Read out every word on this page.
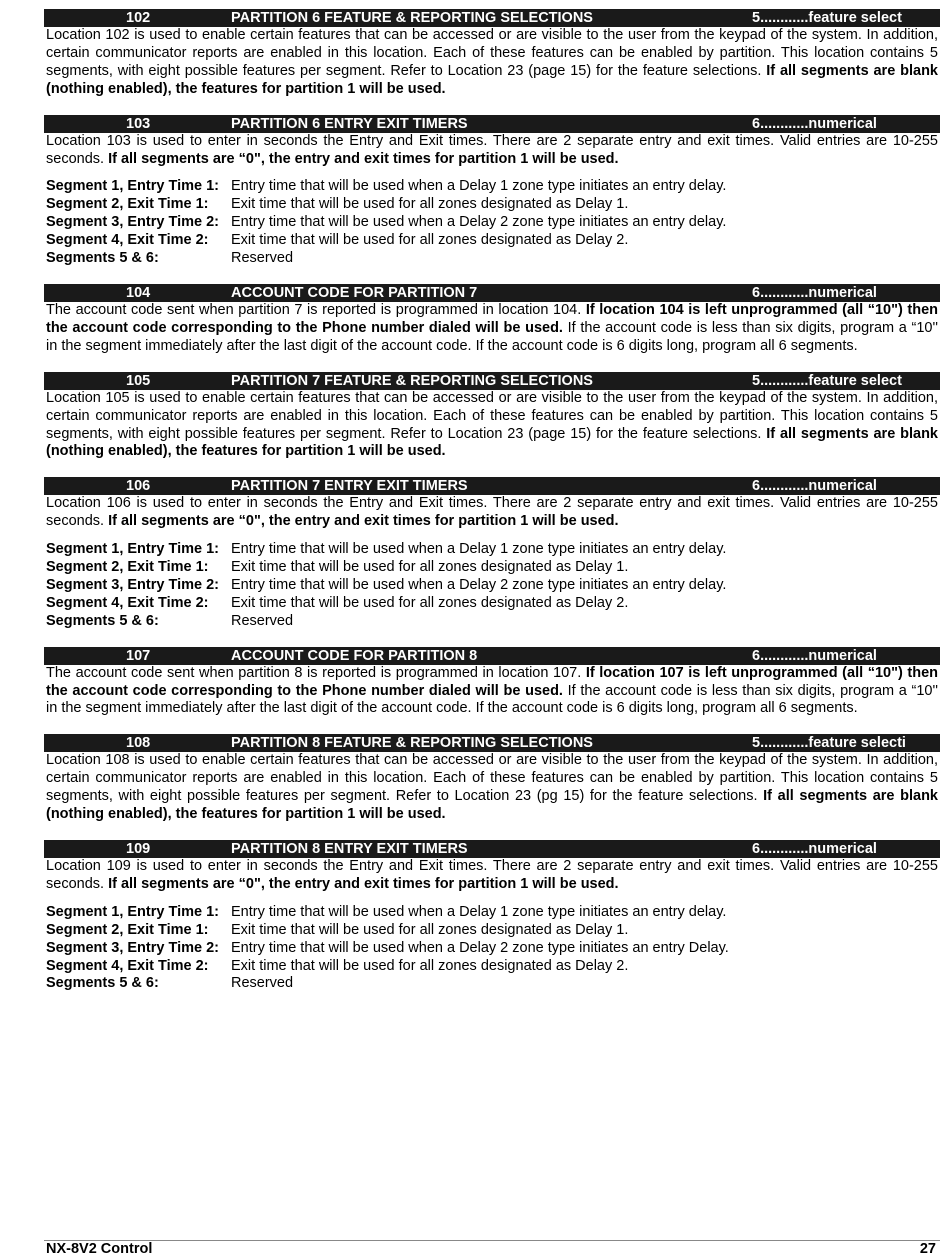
102	PARTITION 6 FEATURE & REPORTING SELECTIONS	5............feature select
Location 102 is used to enable certain features that can be accessed or are visible to the user from the keypad of the system. In addition, certain communicator reports are enabled in this location. Each of these features can be enabled by partition. This location contains 5 segments, with eight possible features per segment. Refer to Location 23 (page 15) for the feature selections. If all segments are blank (nothing enabled), the features for partition 1 will be used.
103	PARTITION 6 ENTRY EXIT TIMERS	6............numerical
Location 103 is used to enter in seconds the Entry and Exit times. There are 2 separate entry and exit times. Valid entries are 10-255 seconds. If all segments are “0", the entry and exit times for partition 1 will be used.
Segment 1, Entry Time 1: Entry time that will be used when a Delay 1 zone type initiates an entry delay.
Segment 2, Exit Time 1:	Exit time that will be used for all zones designated as Delay 1.
Segment 3, Entry Time 2: Entry time that will be used when a Delay 2 zone type initiates an entry delay.
Segment 4, Exit Time 2:	Exit time that will be used for all zones designated as Delay 2.
Segments 5 & 6:	Reserved
104	ACCOUNT CODE FOR PARTITION 7	6............numerical
The account code sent when partition 7 is reported is programmed in location 104. If location 104 is left unprogrammed (all “10") then the account code corresponding to the Phone number dialed will be used. If the account code is less than six digits, program a “10'' in the segment immediately after the last digit of the account code. If the account code is 6 digits long, program all 6 segments.
105	PARTITION 7 FEATURE & REPORTING SELECTIONS	5............feature select
Location 105 is used to enable certain features that can be accessed or are visible to the user from the keypad of the system. In addition, certain communicator reports are enabled in this location. Each of these features can be enabled by partition. This location contains 5 segments, with eight possible features per segment. Refer to Location 23 (page 15) for the feature selections. If all segments are blank (nothing enabled), the features for partition 1 will be used.
106	PARTITION 7 ENTRY EXIT TIMERS	6............numerical
Location 106 is used to enter in seconds the Entry and Exit times. There are 2 separate entry and exit times. Valid entries are 10-255 seconds. If all segments are “0", the entry and exit times for partition 1 will be used.
Segment 1, Entry Time 1: Entry time that will be used when a Delay 1 zone type initiates an entry delay.
Segment 2, Exit Time 1:	Exit time that will be used for all zones designated as Delay 1.
Segment 3, Entry Time 2: Entry time that will be used when a Delay 2 zone type initiates an entry delay.
Segment 4, Exit Time 2:	Exit time that will be used for all zones designated as Delay 2.
Segments 5 & 6:	Reserved
107	ACCOUNT CODE FOR PARTITION 8	6............numerical
The account code sent when partition 8 is reported is programmed in location 107. If location 107 is left unprogrammed (all “10") then the account code corresponding to the Phone number dialed will be used. If the account code is less than six digits, program a “10'' in the segment immediately after the last digit of the account code. If the account code is 6 digits long, program all 6 segments.
108	PARTITION 8 FEATURE & REPORTING SELECTIONS	5............feature selecti
Location 108 is used to enable certain features that can be accessed or are visible to the user from the keypad of the system. In addition, certain communicator reports are enabled in this location. Each of these features can be enabled by partition. This location contains 5 segments, with eight possible features per segment. Refer to Location 23 (pg 15) for the feature selections. If all segments are blank (nothing enabled), the features for partition 1 will be used.
109	PARTITION 8 ENTRY EXIT TIMERS	6............numerical
Location 109 is used to enter in seconds the Entry and Exit times. There are 2 separate entry and exit times. Valid entries are 10-255 seconds. If all segments are “0", the entry and exit times for partition 1 will be used.
Segment 1, Entry Time 1: Entry time that will be used when a Delay 1 zone type initiates an entry delay.
Segment 2, Exit Time 1:	Exit time that will be used for all zones designated as Delay 1.
Segment 3, Entry Time 2: Entry time that will be used when a Delay 2 zone type initiates an entry Delay.
Segment 4, Exit Time 2:	Exit time that will be used for all zones designated as Delay 2.
Segments 5 & 6:	Reserved
NX-8V2 Control	27
